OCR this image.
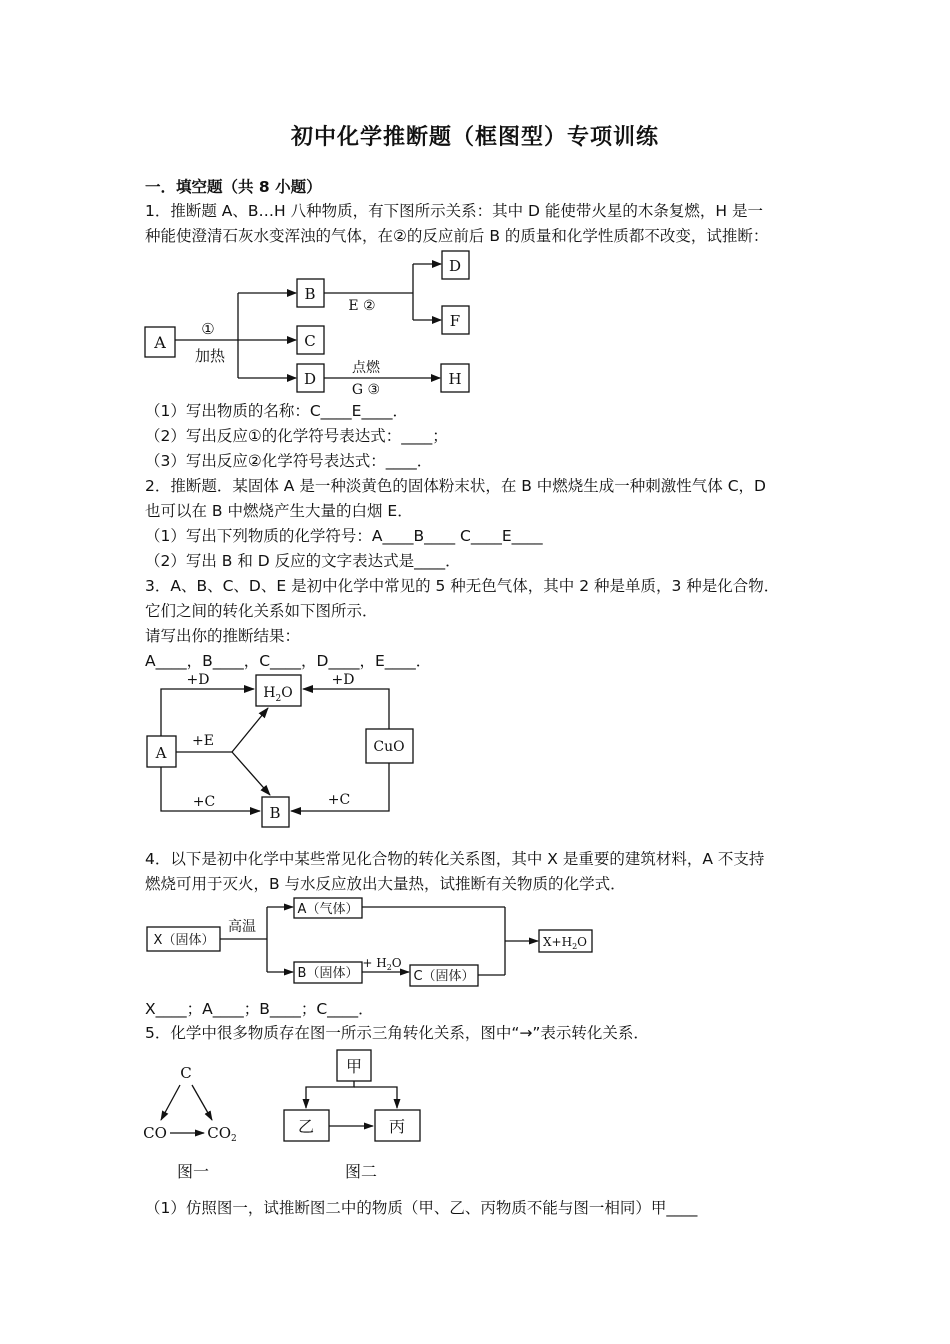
初中化学推断题（框图型）专项训练
一．填空题（共 8 小题）
1．推断题 A、B…H 八种物质，有下图所示关系：其中 D 能使带火星的木条复燃，H 是一
种能使澄清石灰水变浑浊的气体，在②的反应前后 B 的质量和化学性质都不改变，试推断：
A
①
加热
B
C
D
E ②
D
F
点燃
G ③
H
（1）写出物质的名称：C____E____．
（2）写出反应①的化学符号表达式：____；
（3）写出反应②化学符号表达式：____．
2．推断题．某固体 A 是一种淡黄色的固体粉末状，在 B 中燃烧生成一种刺激性气体 C，D
也可以在 B 中燃烧产生大量的白烟 E．
（1）写出下列物质的化学符号：A____B____ C____E____
（2）写出 B 和 D 反应的文字表达式是____．
3．A、B、C、D、E 是初中化学中常见的 5 种无色气体，其中 2 种是单质，3 种是化合物．
它们之间的转化关系如下图所示．
请写出你的推断结果：
A____，B____，C____，D____，E____．
A
$H_2O$
CuO
B
+D	+D
+E
+C	+C
4．以下是初中化学中某些常见化合物的转化关系图，其中 X 是重要的建筑材料，A 不支持
燃烧可用于灭火，B 与水反应放出大量热，试推断有关物质的化学式．
X（固体）
高温
A（气体）
B（固体）
+ $H_2O$
C（固体）
$X+H_2O$
X____；A____；B____；C____．
5．化学中很多物质存在图一所示三角转化关系，图中“→”表示转化关系．
C
CO	$CO_2$
图一
甲
乙	丙
图二
（1）仿照图一，试推断图二中的物质（甲、乙、丙物质不能与图一相同）甲____
